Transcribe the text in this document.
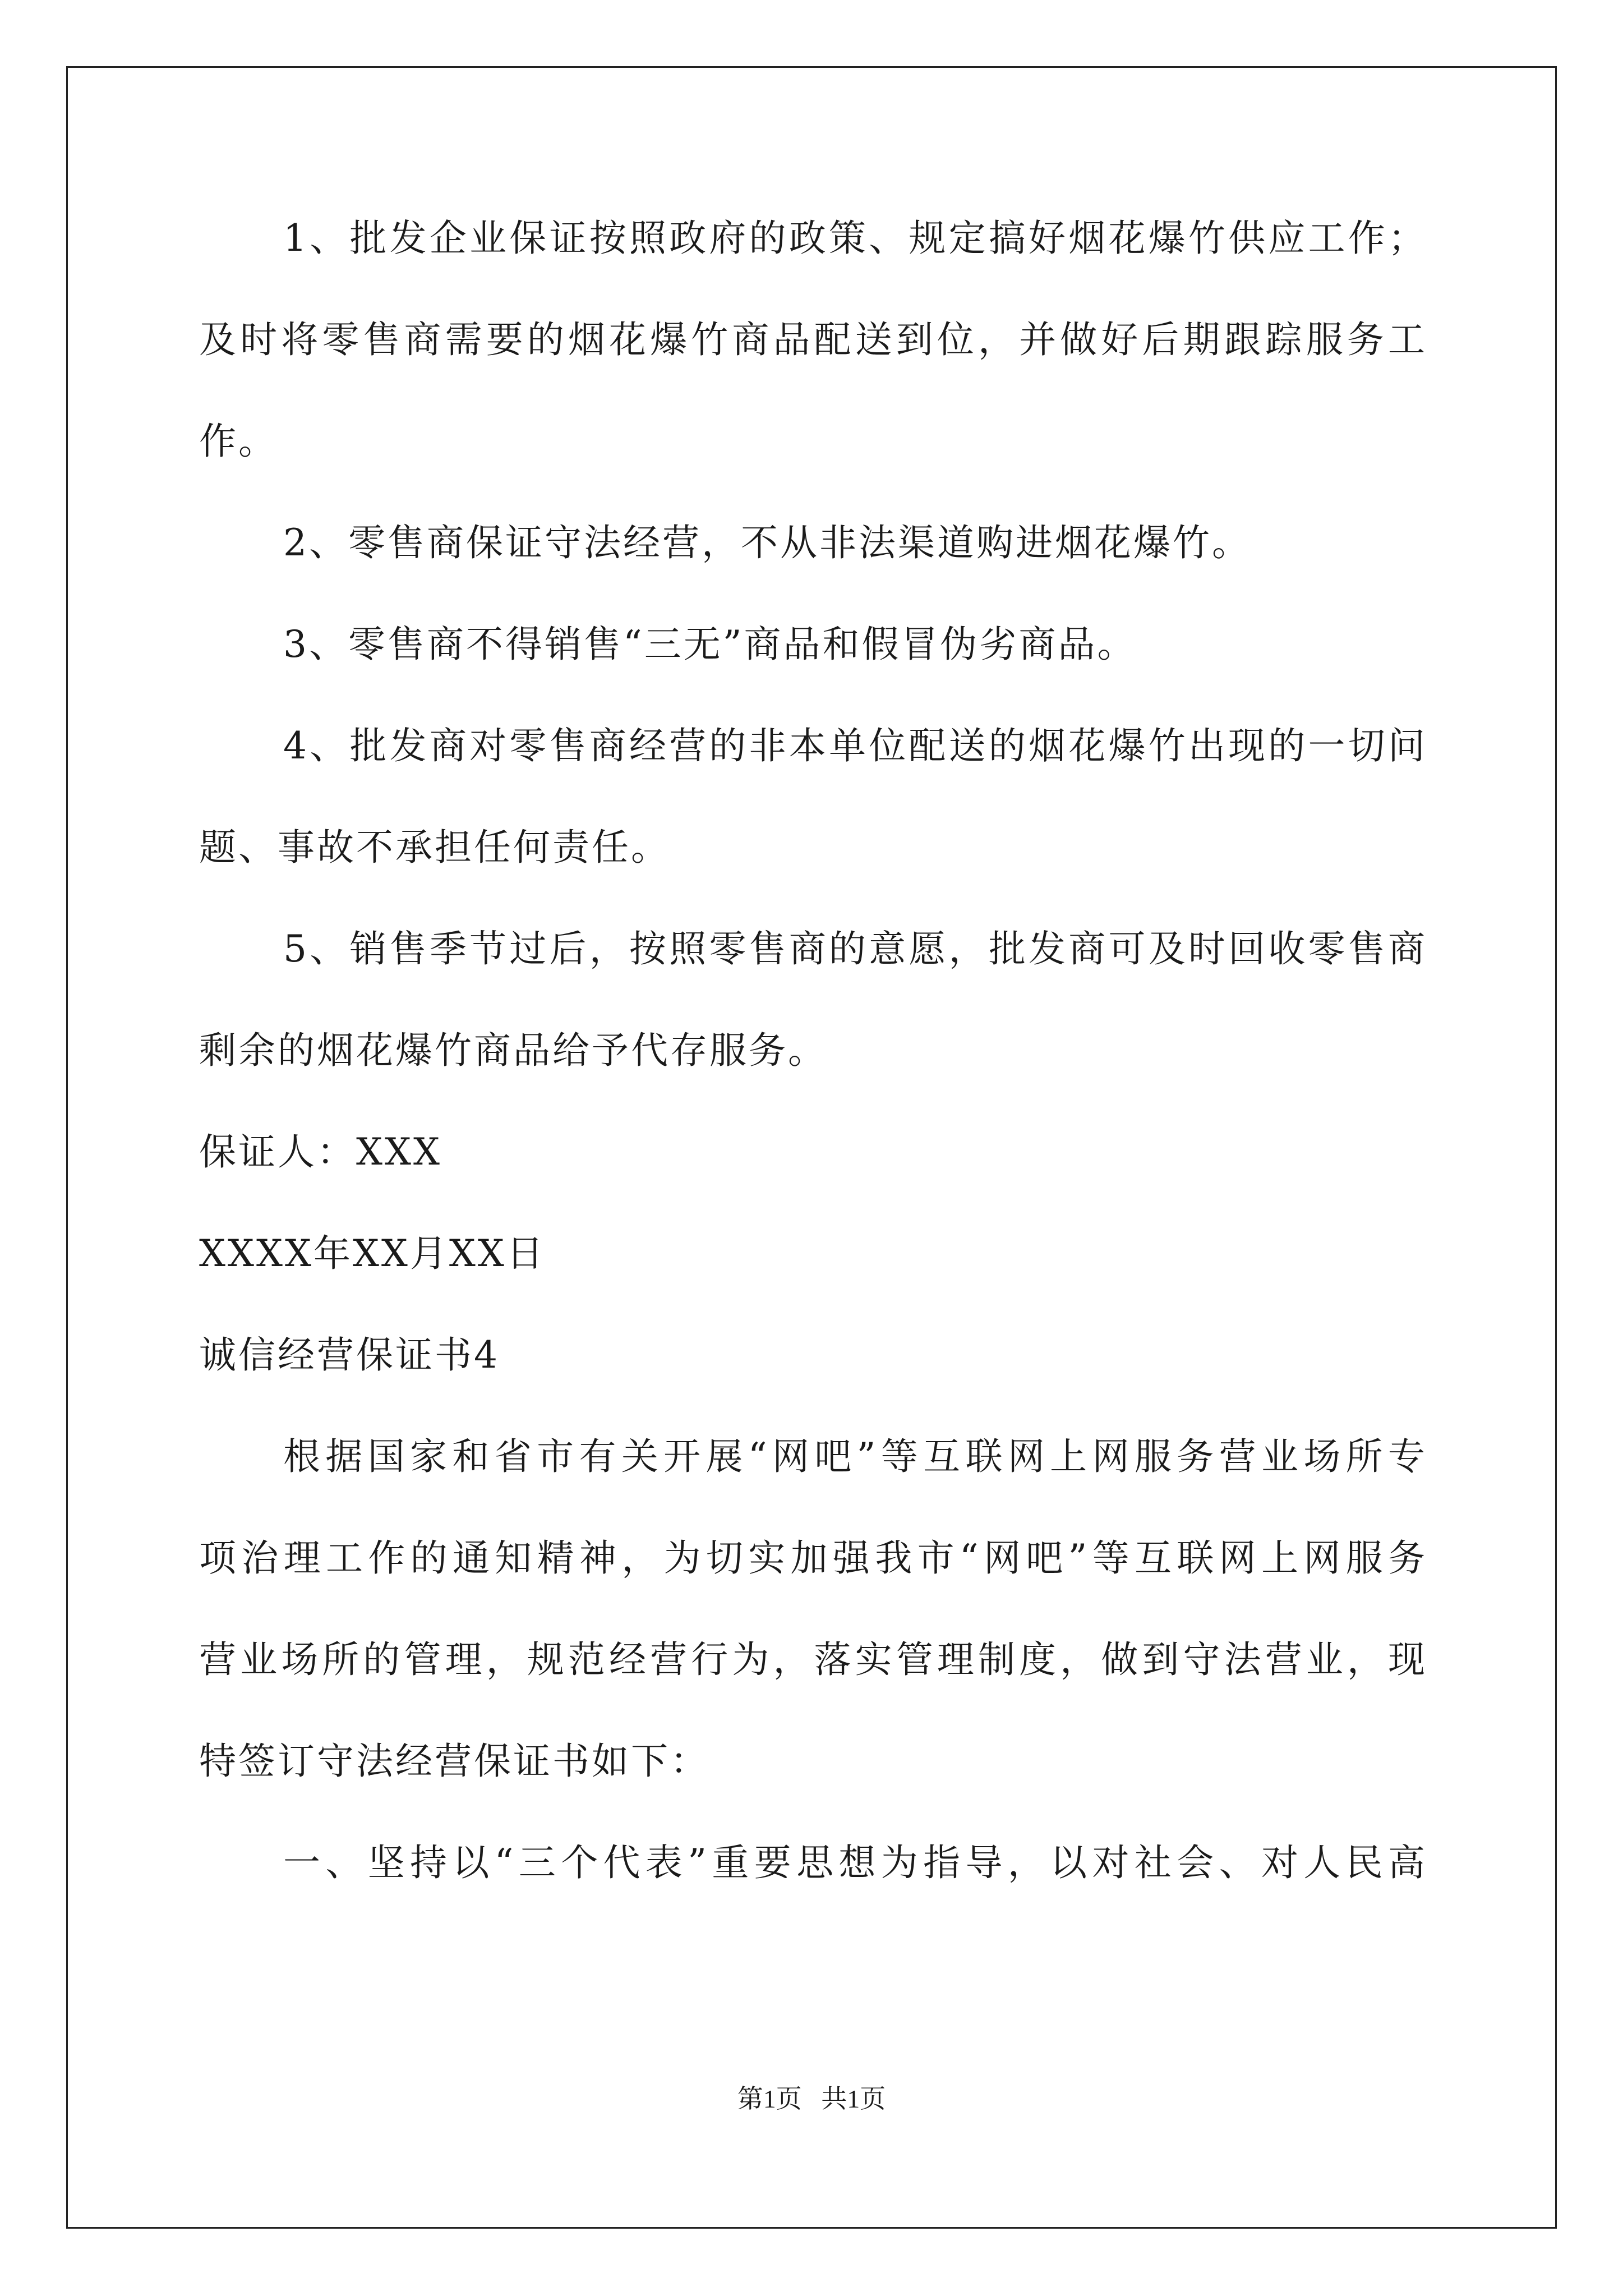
1、批发企业保证按照政府的政策、规定搞好烟花爆竹供应工作；
及时将零售商需要的烟花爆竹商品配送到位，并做好后期跟踪服务工
作。
2、零售商保证守法经营，不从非法渠道购进烟花爆竹。
3、零售商不得销售“三无”商品和假冒伪劣商品。
4、批发商对零售商经营的非本单位配送的烟花爆竹出现的一切问
题、事故不承担任何责任。
5、销售季节过后，按照零售商的意愿，批发商可及时回收零售商
剩余的烟花爆竹商品给予代存服务。
保证人：XXX
XXXX年XX月XX日
诚信经营保证书4
根据国家和省市有关开展“网吧”等互联网上网服务营业场所专
项治理工作的通知精神，为切实加强我市“网吧”等互联网上网服务
营业场所的管理，规范经营行为，落实管理制度，做到守法营业，现
特签订守法经营保证书如下：
一、坚持以“三个代表”重要思想为指导，以对社会、对人民高
第1页   共1页
